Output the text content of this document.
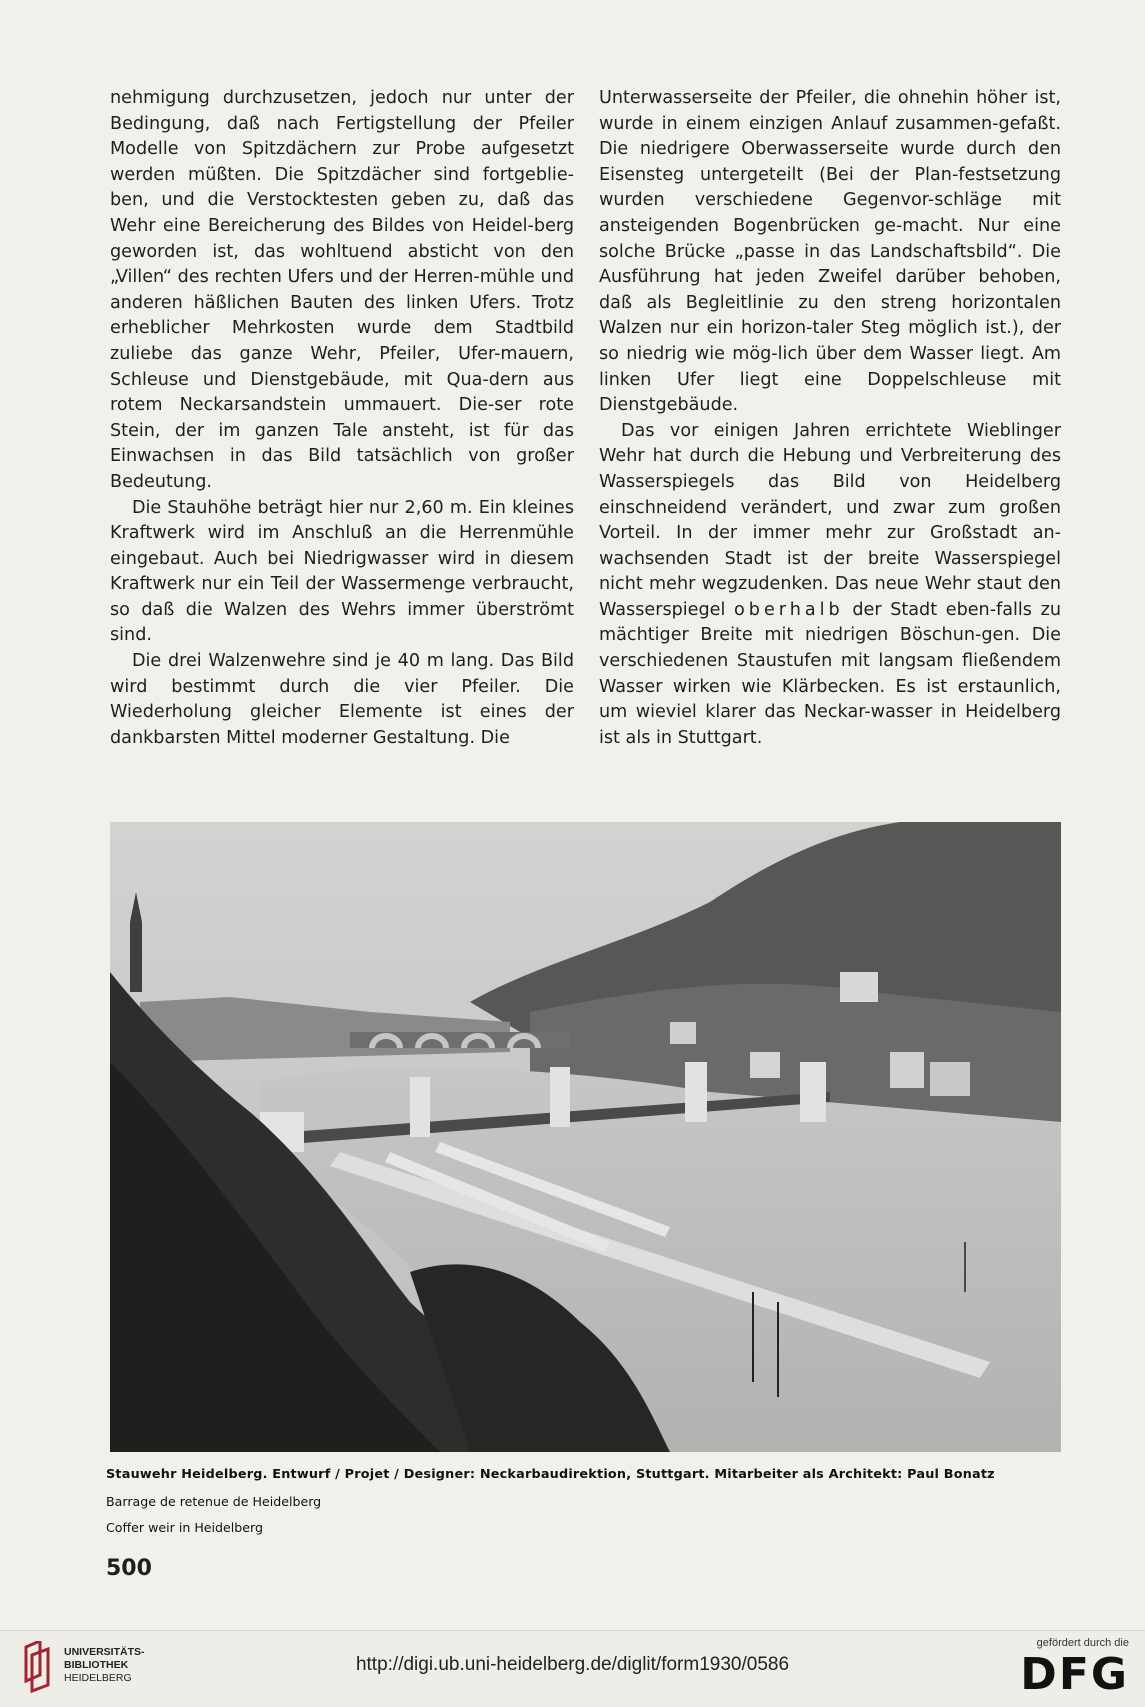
nehmigung durchzusetzen, jedoch nur unter der Bedingung, daß nach Fertigstellung der Pfeiler Modelle von Spitzdächern zur Probe aufgesetzt werden müßten. Die Spitzdächer sind fortgeblie-ben, und die Verstocktesten geben zu, daß das Wehr eine Bereicherung des Bildes von Heidel-berg geworden ist, das wohltuend absticht von den „Villen“ des rechten Ufers und der Herren-mühle und anderen häßlichen Bauten des linken Ufers. Trotz erheblicher Mehrkosten wurde dem Stadtbild zuliebe das ganze Wehr, Pfeiler, Ufer-mauern, Schleuse und Dienstgebäude, mit Qua-dern aus rotem Neckarsandstein ummauert. Die-ser rote Stein, der im ganzen Tale ansteht, ist für das Einwachsen in das Bild tatsächlich von großer Bedeutung.

Die Stauhöhe beträgt hier nur 2,60 m. Ein kleines Kraftwerk wird im Anschluß an die Herrenmühle eingebaut. Auch bei Niedrigwasser wird in diesem Kraftwerk nur ein Teil der Wassermenge verbraucht, so daß die Walzen des Wehrs immer überströmt sind.

Die drei Walzenwehre sind je 40 m lang. Das Bild wird bestimmt durch die vier Pfeiler. Die Wiederholung gleicher Elemente ist eines der dankbarsten Mittel moderner Gestaltung. Die

Unterwasserseite der Pfeiler, die ohnehin höher ist, wurde in einem einzigen Anlauf zusammen-gefaßt. Die niedrigere Oberwasserseite wurde durch den Eisensteg untergeteilt (Bei der Plan-festsetzung wurden verschiedene Gegenvor-schläge mit ansteigenden Bogenbrücken ge-macht. Nur eine solche Brücke „passe in das Landschaftsbild“. Die Ausführung hat jeden Zweifel darüber behoben, daß als Begleitlinie zu den streng horizontalen Walzen nur ein horizon-taler Steg möglich ist.), der so niedrig wie mög-lich über dem Wasser liegt. Am linken Ufer liegt eine Doppelschleuse mit Dienstgebäude.

Das vor einigen Jahren errichtete Wieblinger Wehr hat durch die Hebung und Verbreiterung des Wasserspiegels das Bild von Heidelberg einschneidend verändert, und zwar zum großen Vorteil. In der immer mehr zur Großstadt an-wachsenden Stadt ist der breite Wasserspiegel nicht mehr wegzudenken. Das neue Wehr staut den Wasserspiegel oberhalb der Stadt eben-falls zu mächtiger Breite mit niedrigen Böschun-gen. Die verschiedenen Staustufen mit langsam fließendem Wasser wirken wie Klärbecken. Es ist erstaunlich, um wieviel klarer das Neckar-wasser in Heidelberg ist als in Stuttgart.

Stauwehr Heidelberg. Entwurf / Projet / Designer: Neckarbaudirektion, Stuttgart. Mitarbeiter als Architekt: Paul Bonatz
Barrage de retenue de Heidelberg
Coffer weir in Heidelberg
500
UNIVERSITÄTS-
BIBLIOTHEK
HEIDELBERG
http://digi.ub.uni-heidelberg.de/diglit/form1930/0586
gefördert durch die
DFG
